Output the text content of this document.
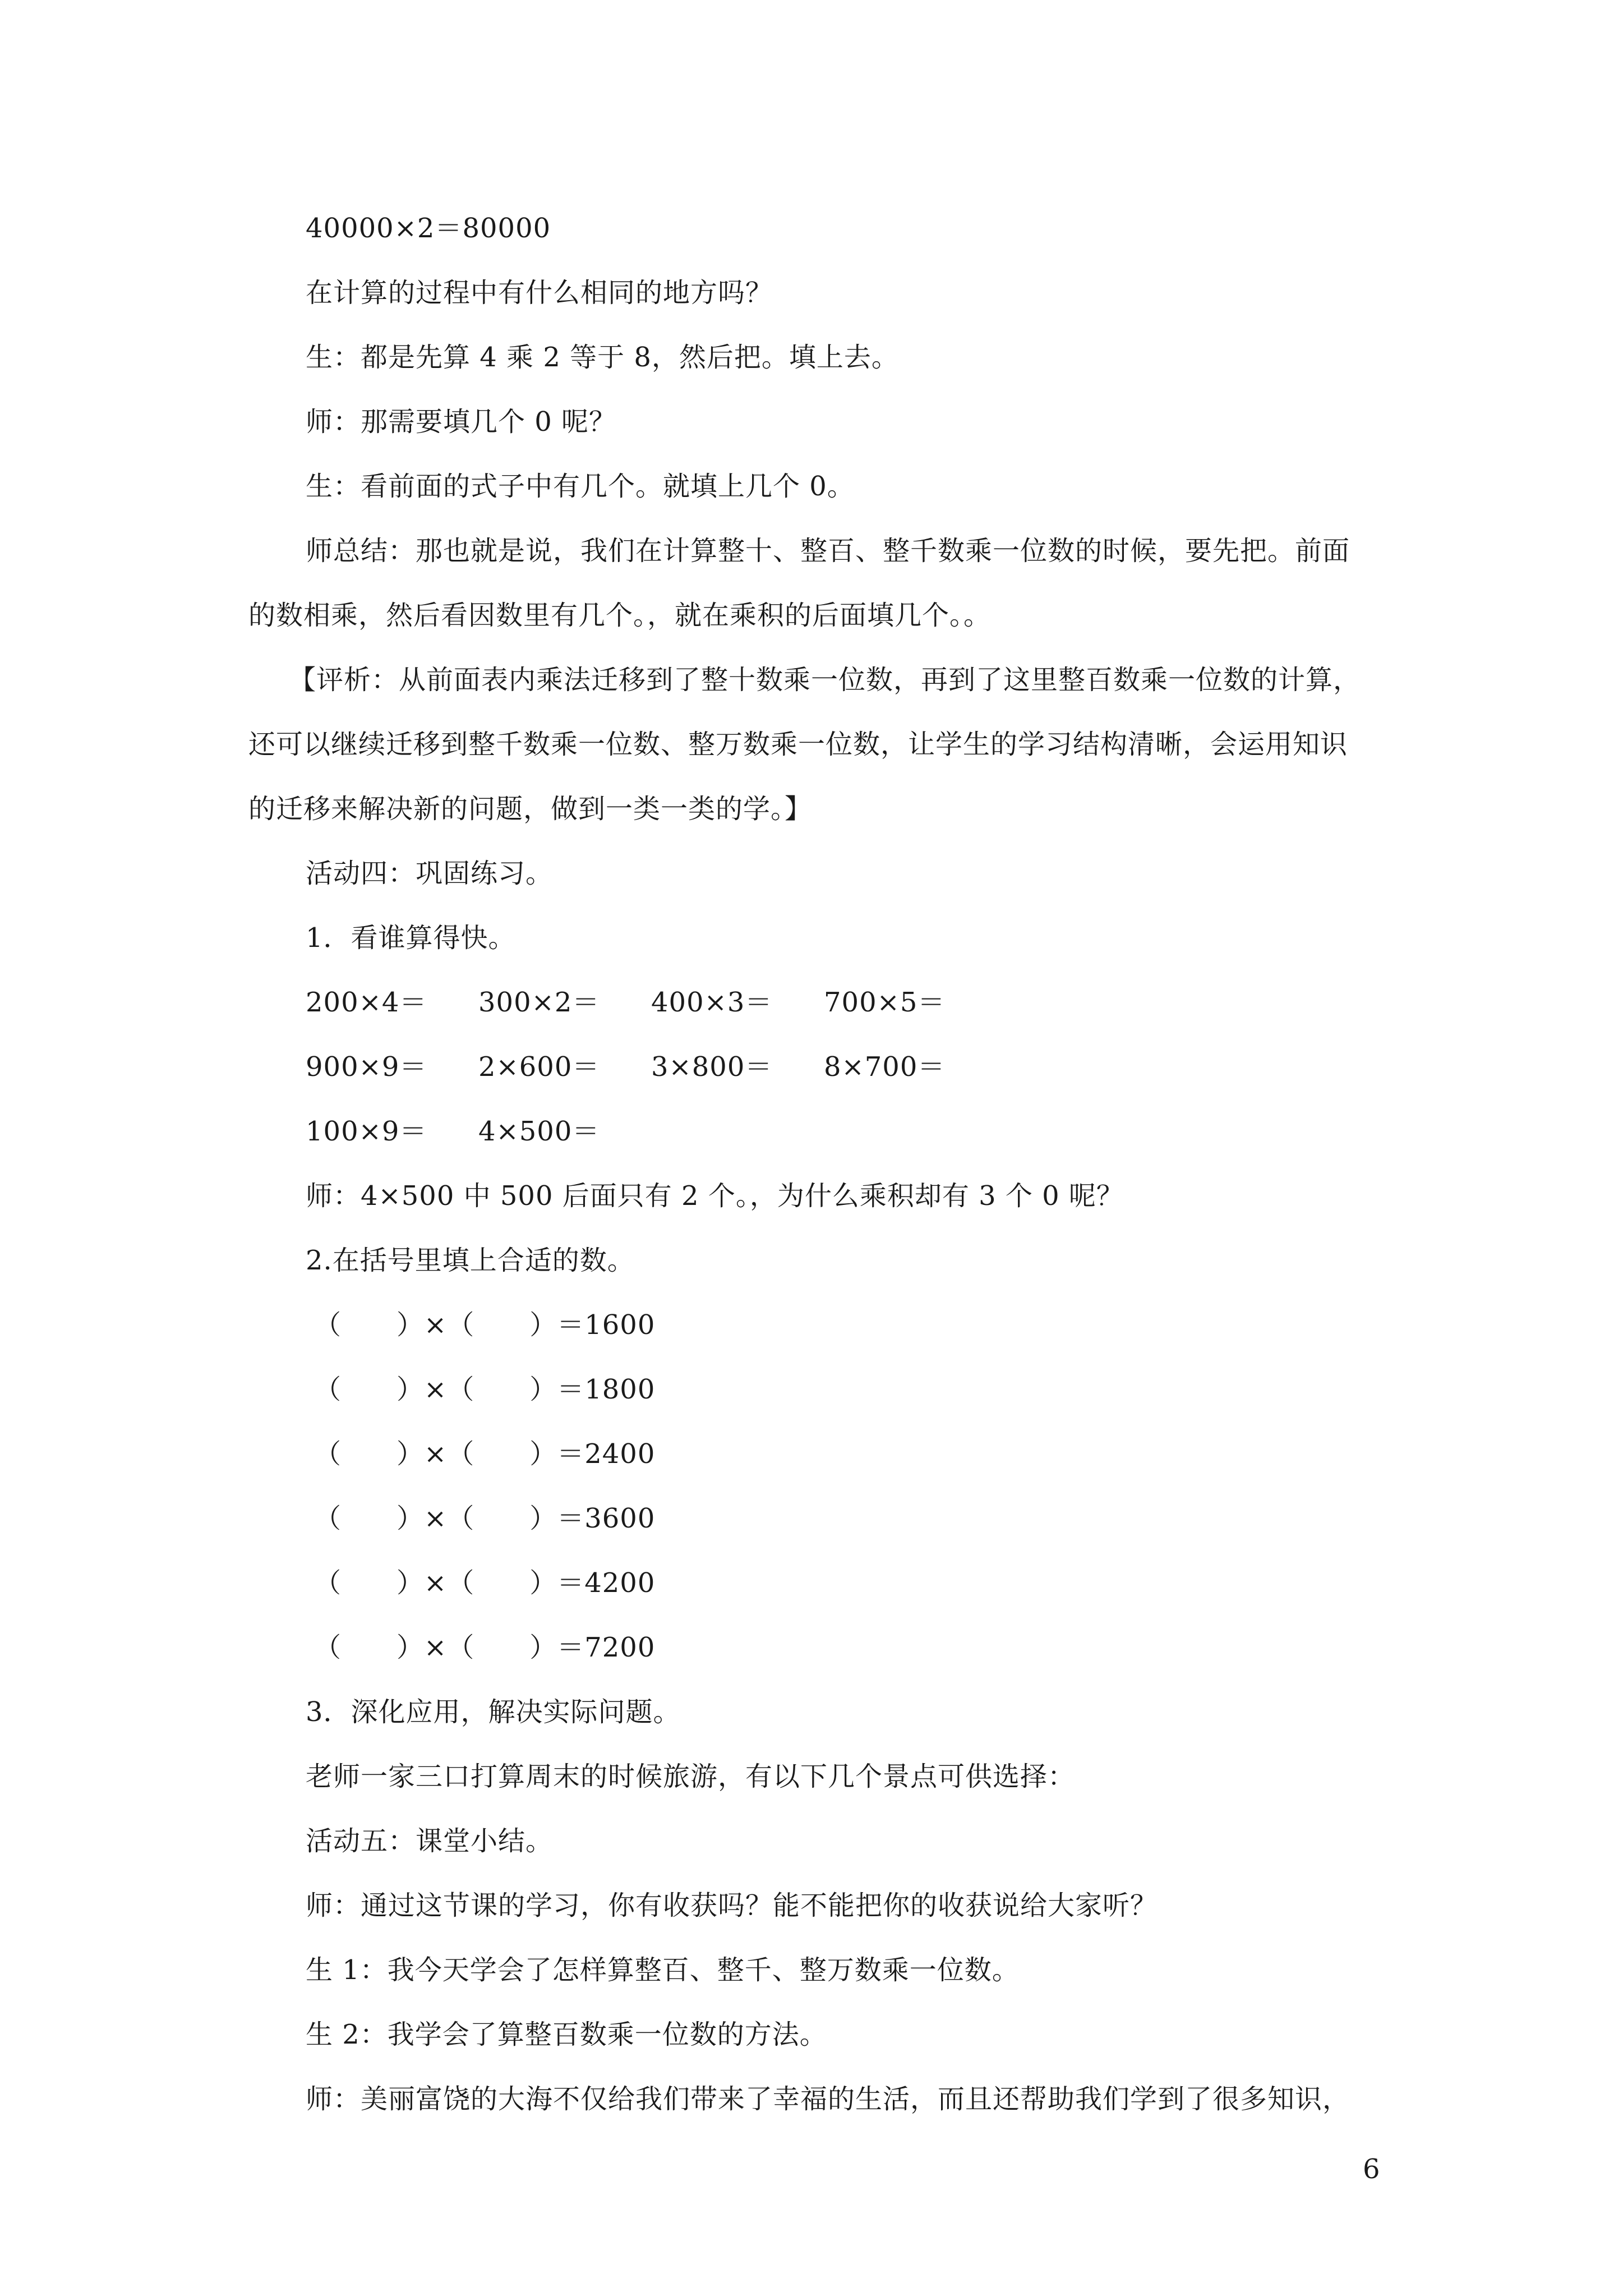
40000×2＝80000
在计算的过程中有什么相同的地方吗？
生：都是先算 4 乘 2 等于 8，然后把。填上去。
师：那需要填几个 0 呢？
生：看前面的式子中有几个。就填上几个 0。
师总结：那也就是说，我们在计算整十、整百、整千数乘一位数的时候，要先把。前面
的数相乘，然后看因数里有几个。，就在乘积的后面填几个。。
【评析：从前面表内乘法迁移到了整十数乘一位数，再到了这里整百数乘一位数的计算，
还可以继续迁移到整千数乘一位数、整万数乘一位数，让学生的学习结构清晰，会运用知识
的迁移来解决新的问题，做到一类一类的学。】
活动四：巩固练习。
1．看谁算得快。
200×4＝ 300×2＝ 400×3＝ 700×5＝
900×9＝ 2×600＝ 3×800＝ 8×700＝
100×9＝ 4×500＝
师：4×500 中 500 后面只有 2 个。，为什么乘积却有 3 个 0 呢？
2.在括号里填上合适的数。
（　　）×（　　）＝1600
（　　）×（　　）＝1800
（　　）×（　　）＝2400
（　　）×（　　）＝3600
（　　）×（　　）＝4200
（　　）×（　　）＝7200
3．深化应用，解决实际问题。
老师一家三口打算周末的时候旅游，有以下几个景点可供选择：
活动五：课堂小结。
师：通过这节课的学习，你有收获吗？能不能把你的收获说给大家听？
生 1：我今天学会了怎样算整百、整千、整万数乘一位数。
生 2：我学会了算整百数乘一位数的方法。
师：美丽富饶的大海不仅给我们带来了幸福的生活，而且还帮助我们学到了很多知识，
6
